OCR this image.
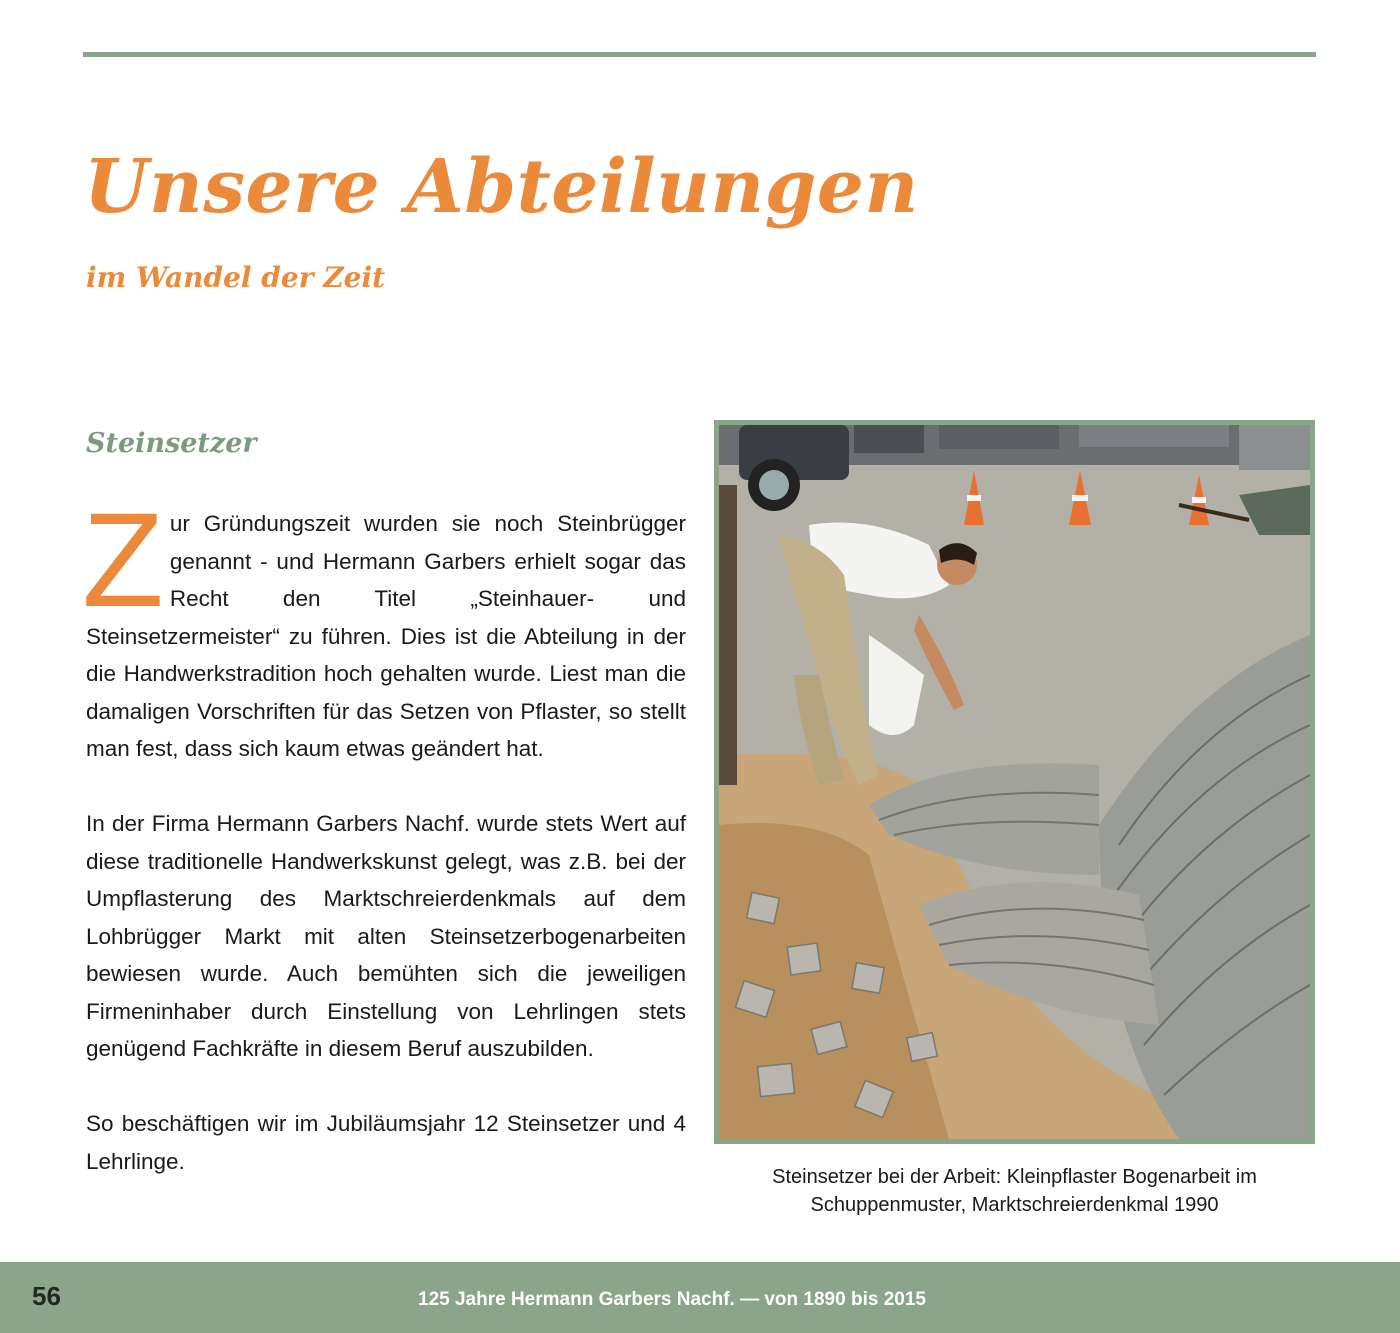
Unsere Abteilungen
im Wandel der Zeit
Steinsetzer

Zur Gründungszeit wurden sie noch Steinbrügger genannt - und Hermann Garbers erhielt sogar das Recht den Titel „Steinhauer- und Steinsetzermeister“ zu führen. Dies ist die Abteilung in der die Handwerkstradition hoch gehalten wurde. Liest man die damaligen Vorschriften für das Setzen von Pflaster, so stellt man fest, dass sich kaum etwas geändert hat.

In der Firma Hermann Garbers Nachf. wurde stets Wert auf diese traditionelle Handwerkskunst gelegt, was z.B. bei der Umpflasterung des Marktschreierdenkmals auf dem Lohbrügger Markt mit alten Steinsetzerbogenarbeiten bewiesen wurde. Auch bemühten sich die jeweiligen Firmeninhaber durch Einstellung von Lehrlingen stets genügend Fachkräfte in diesem Beruf auszubilden.

So beschäftigen wir im Jubiläumsjahr 12 Steinsetzer und 4 Lehrlinge.

Steinsetzer bei der Arbeit: Kleinpflaster Bogenarbeit im
Schuppenmuster, Marktschreierdenkmal 1990
56	125 Jahre Hermann Garbers Nachf. — von 1890 bis 2015
